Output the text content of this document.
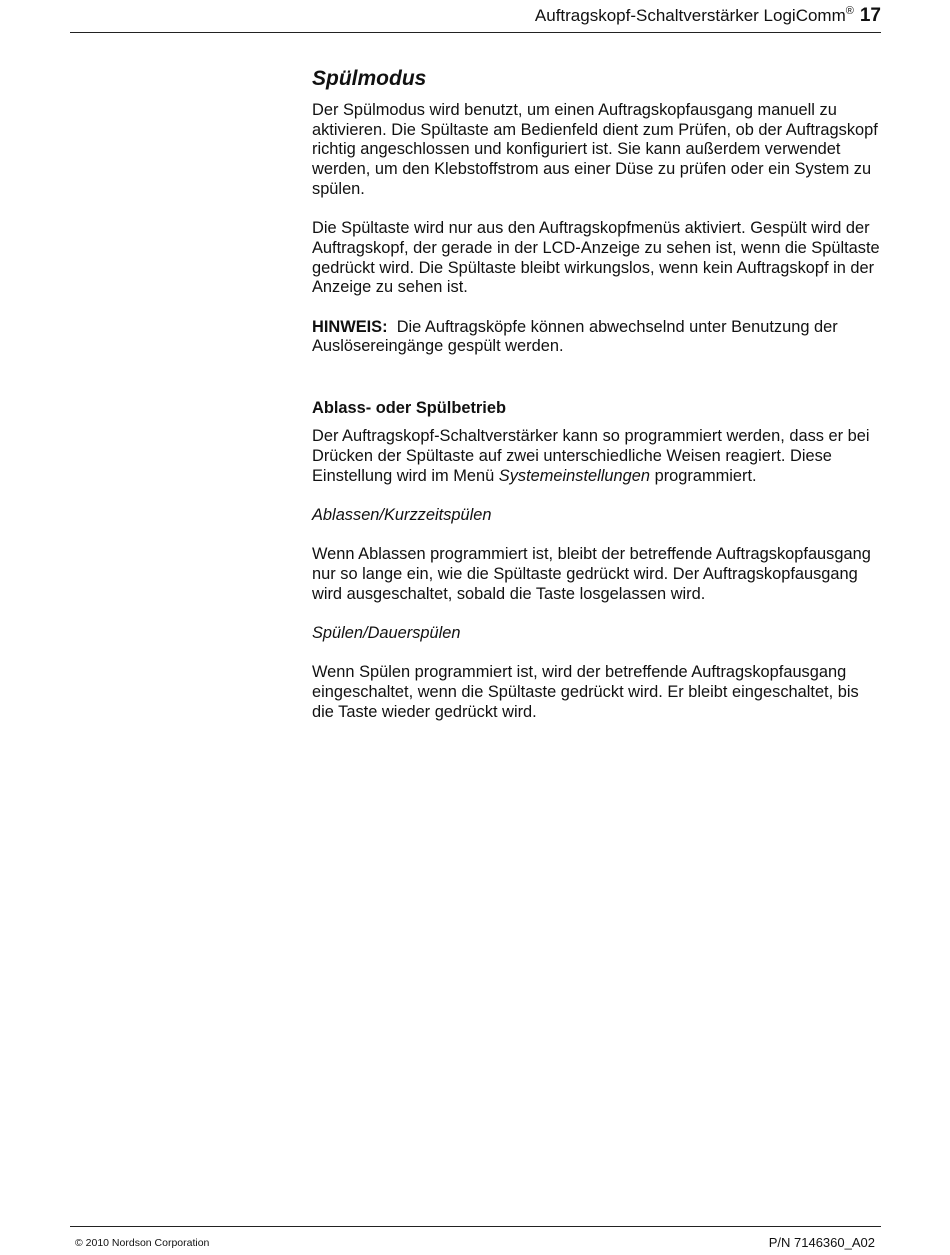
Auftragskopf-Schaltverstärker LogiComm® 17
Spülmodus

Der Spülmodus wird benutzt, um einen Auftragskopfausgang manuell zu aktivieren. Die Spültaste am Bedienfeld dient zum Prüfen, ob der Auftragskopf richtig angeschlossen und konfiguriert ist. Sie kann außerdem verwendet werden, um den Klebstoffstrom aus einer Düse zu prüfen oder ein System zu spülen.

Die Spültaste wird nur aus den Auftragskopfmenüs aktiviert. Gespült wird der Auftragskopf, der gerade in der LCD-Anzeige zu sehen ist, wenn die Spültaste gedrückt wird. Die Spültaste bleibt wirkungslos, wenn kein Auftragskopf in der Anzeige zu sehen ist.

HINWEIS: Die Auftragsköpfe können abwechselnd unter Benutzung der Auslösereingänge gespült werden.

Ablass- oder Spülbetrieb

Der Auftragskopf-Schaltverstärker kann so programmiert werden, dass er bei Drücken der Spültaste auf zwei unterschiedliche Weisen reagiert. Diese Einstellung wird im Menü Systemeinstellungen programmiert.

Ablassen/Kurzzeitspülen

Wenn Ablassen programmiert ist, bleibt der betreffende Auftragskopfausgang nur so lange ein, wie die Spültaste gedrückt wird. Der Auftragskopfausgang wird ausgeschaltet, sobald die Taste losgelassen wird.

Spülen/Dauerspülen

Wenn Spülen programmiert ist, wird der betreffende Auftragskopfausgang eingeschaltet, wenn die Spültaste gedrückt wird. Er bleibt eingeschaltet, bis die Taste wieder gedrückt wird.

© 2010 Nordson Corporation	P/N 7146360_A02
